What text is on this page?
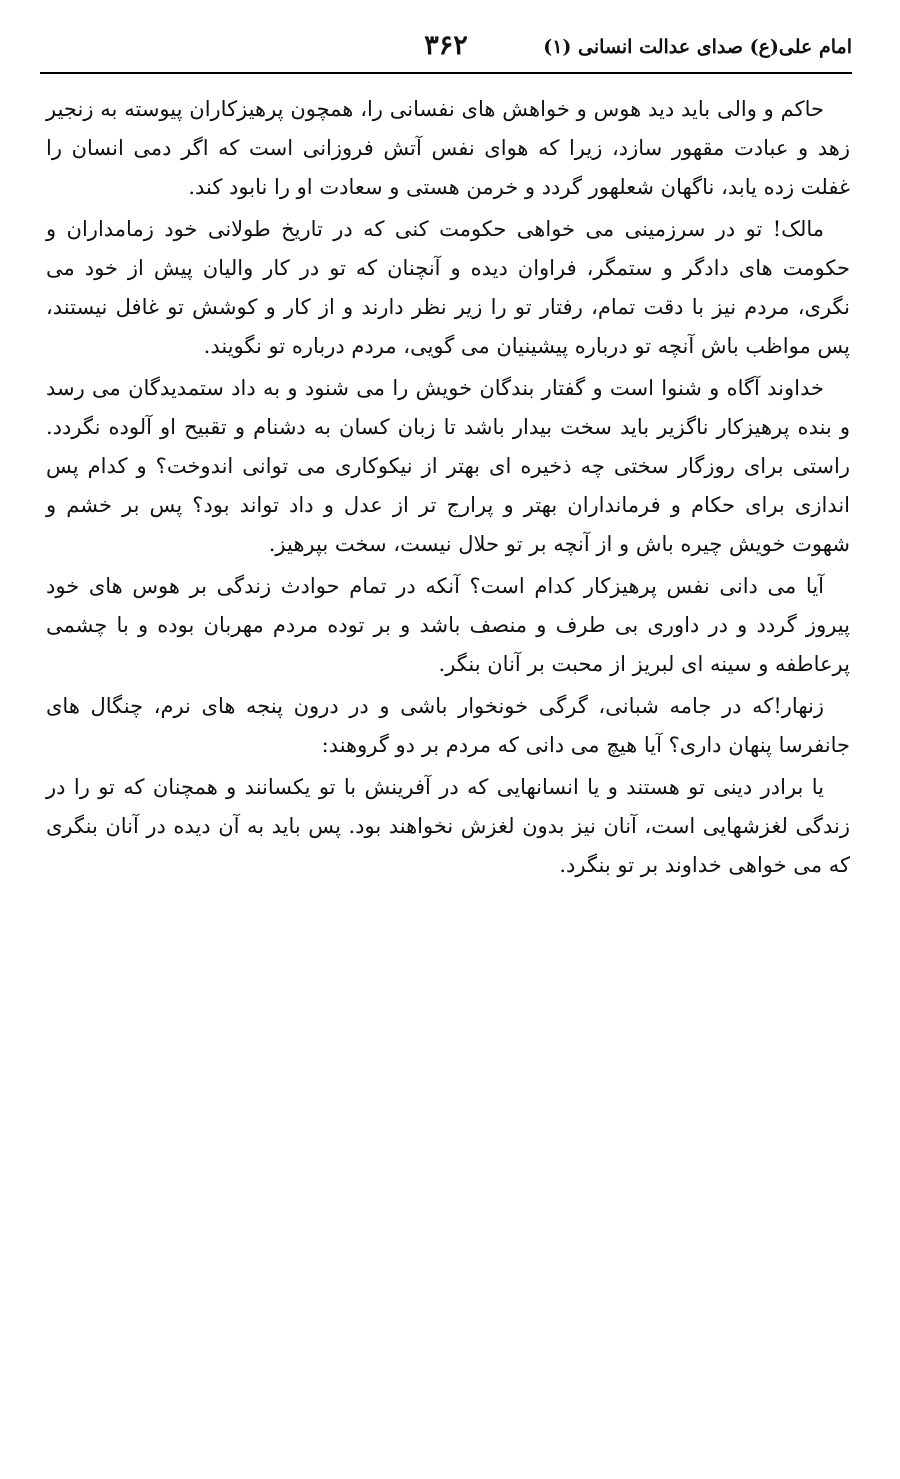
امام علی(ع) صدای عدالت انسانی (۱)
۳۶۲

حاکم و والی باید دید هوس و خواهش های نفسانی را، همچون پرهیزکاران پیوسته به زنجیر زهد و عبادت مقهور سازد، زیرا که هوای نفس آتش فروزانی است که اگر دمی انسان را غفلت زده یابد، ناگهان شعلهور گردد و خرمن هستی و سعادت او را نابود کند.

مالک! تو در سرزمینی می خواهی حکومت کنی که در تاریخ طولانی خود زمامداران و حکومت های دادگر و ستمگر، فراوان دیده و آنچنان که تو در کار والیان پیش از خود می نگری، مردم نیز با دقت تمام، رفتار تو را زیر نظر دارند و از کار و کوشش تو غافل نیستند، پس مواظب باش آنچه تو درباره پیشینیان می گویی، مردم درباره تو نگویند.

خداوند آگاه و شنوا است و گفتار بندگان خویش را می شنود و به داد ستمدیدگان می رسد و بنده پرهیزکار ناگزیر باید سخت بیدار باشد تا زبان کسان به دشنام و تقبیح او آلوده نگردد. راستی برای روزگار سختی چه ذخیره ای بهتر از نیکوکاری می توانی اندوخت؟ و کدام پس اندازی برای حکام و فرمانداران بهتر و پرارج تر از عدل و داد تواند بود؟ پس بر خشم و شهوت خویش چیره باش و از آنچه بر تو حلال نیست، سخت بپرهیز.

آیا می دانی نفس پرهیزکار کدام است؟ آنکه در تمام حوادث زندگی بر هوس های خود پیروز گردد و در داوری بی طرف و منصف باشد و بر توده مردم مهربان بوده و با چشمی پرعاطفه و سینه ای لبریز از محبت بر آنان بنگر.

زنهار!که در جامه شبانی، گرگی خونخوار باشی و در درون پنجه های نرم، چنگال های جانفرسا پنهان داری؟ آیا هیچ می دانی که مردم بر دو گروهند:

یا برادر دینی تو هستند و یا انسانهایی که در آفرینش با تو یکسانند و همچنان که تو را در زندگی لغزشهایی است، آنان نیز بدون لغزش نخواهند بود. پس باید به آن دیده در آنان بنگری که می خواهی خداوند بر تو بنگرد.
